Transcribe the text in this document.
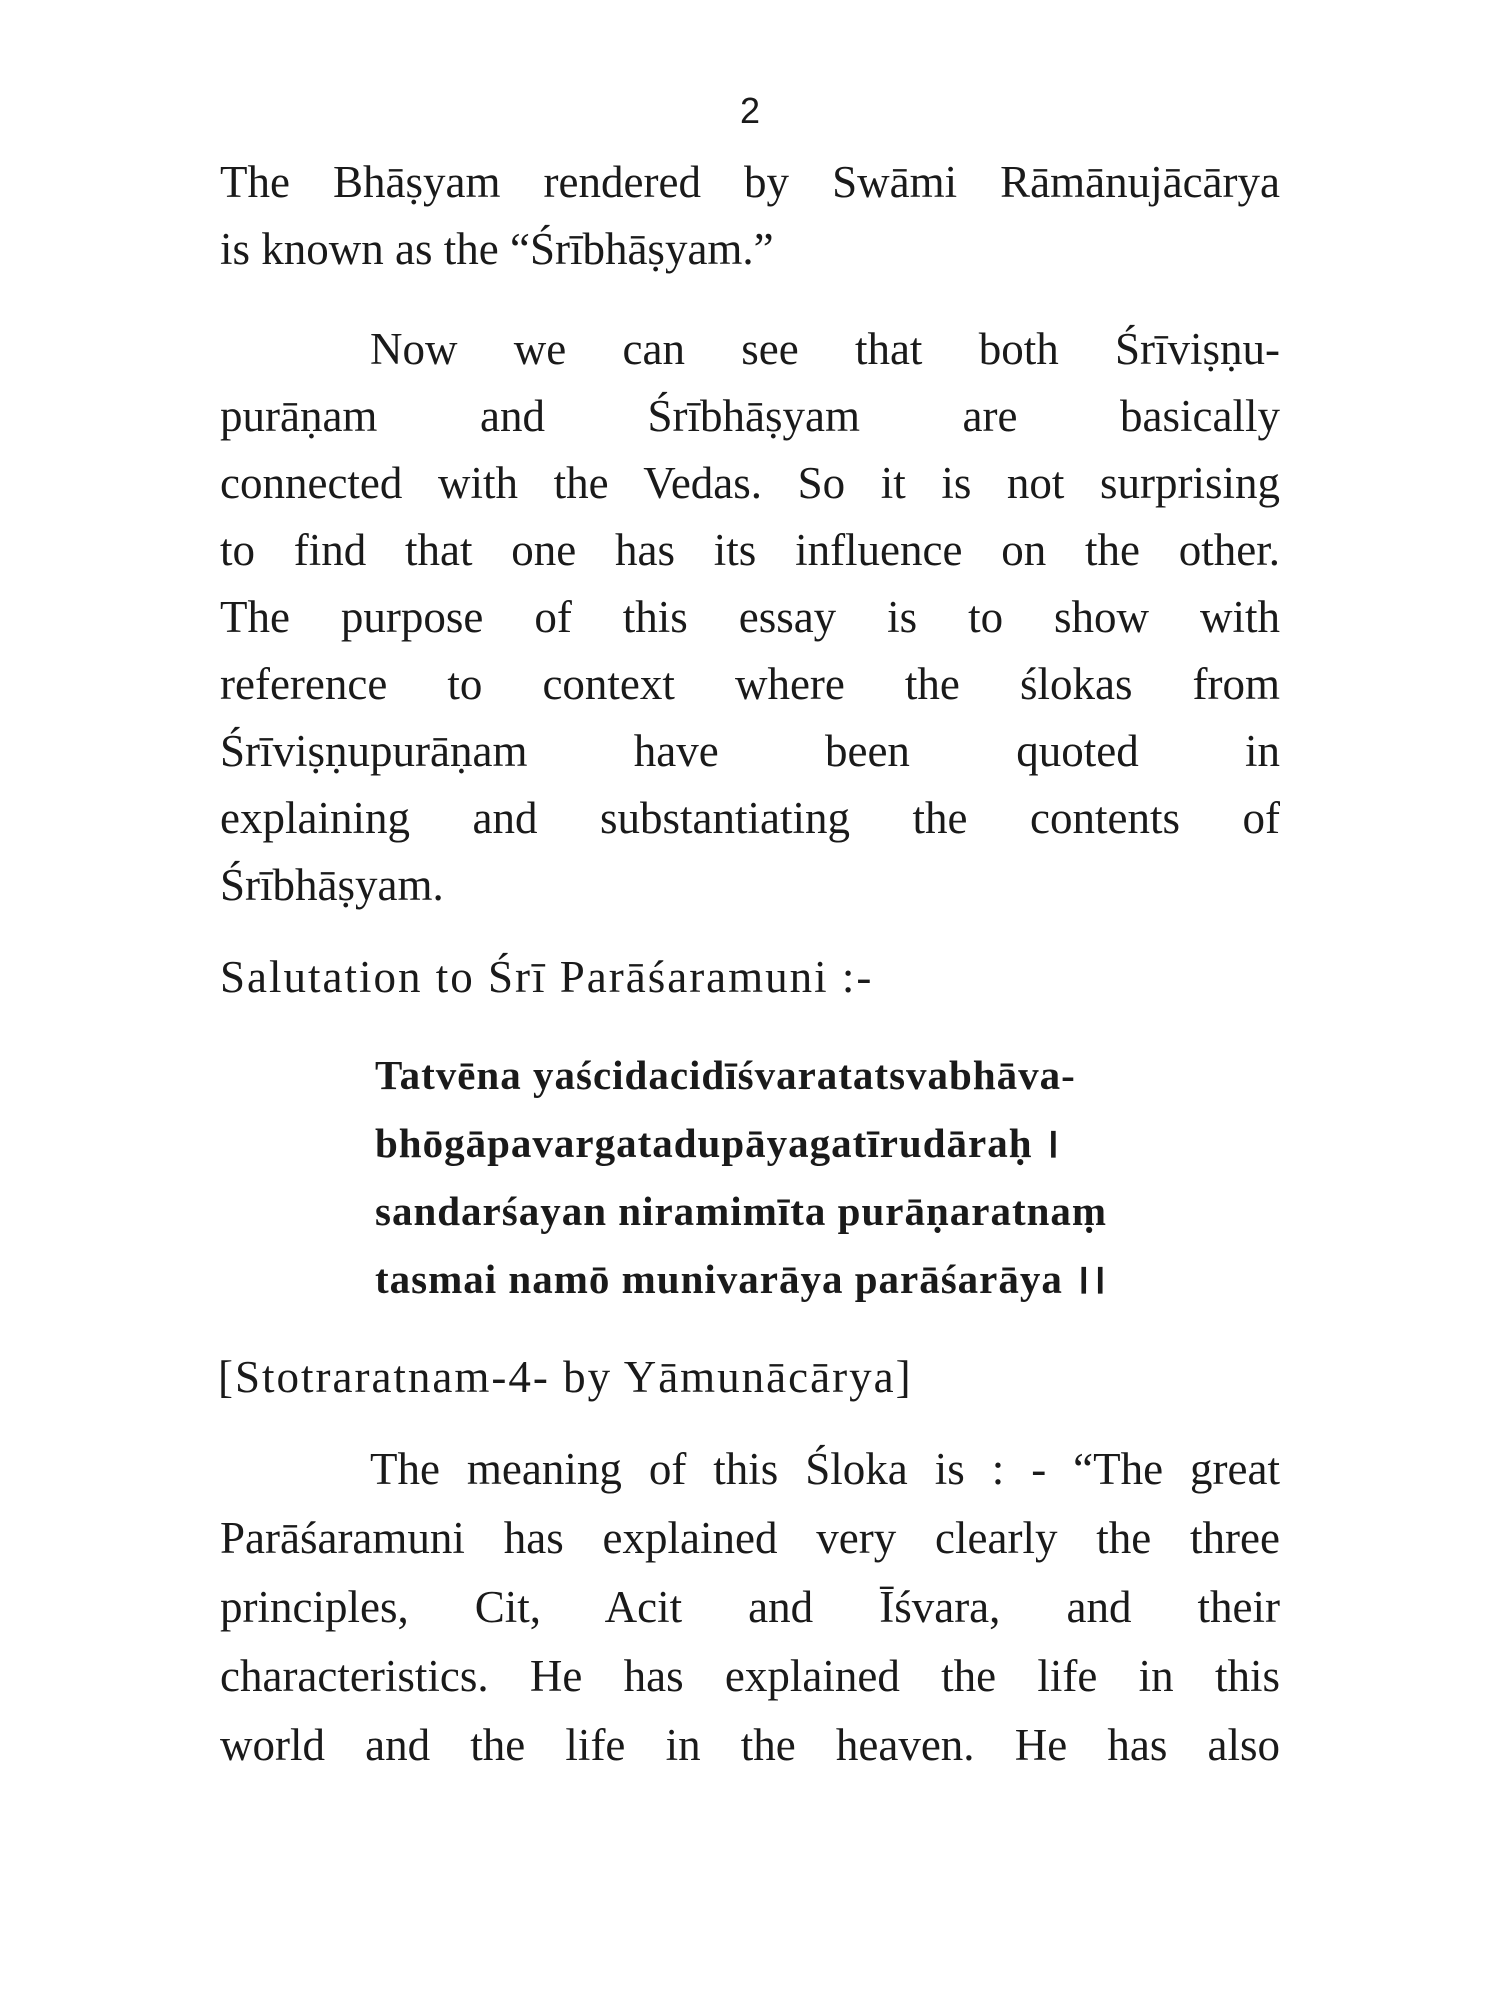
2

The Bhāṣyam rendered by Swāmi Rāmānujācārya

is known as the “Śrībhāṣyam.”

Now we can see that both Śrīviṣṇu-

purāṇam and Śrībhāṣyam are basically

connected with the Vedas. So it is not surprising

to find that one has its influence on the other.

The purpose of this essay is to show with

reference to context where the ślokas from

Śrīviṣṇupurāṇam have been quoted in

explaining and substantiating the contents of

Śrībhāṣyam.

Salutation to Śrī Parāśaramuni :-

Tatvēna yaścidacidīśvaratatsvabhāva-

bhōgāpavargatadupāyagatīrudāraḥ ।

sandarśayan niramimīta purāṇaratnaṃ

tasmai namō munivarāya parāśarāya ।।

[Stotraratnam-4- by Yāmunācārya]

The meaning of this Śloka is : - “The great

Parāśaramuni has explained very clearly the three

principles, Cit, Acit and Īśvara, and their

characteristics. He has explained the life in this

world and the life in the heaven. He has also
